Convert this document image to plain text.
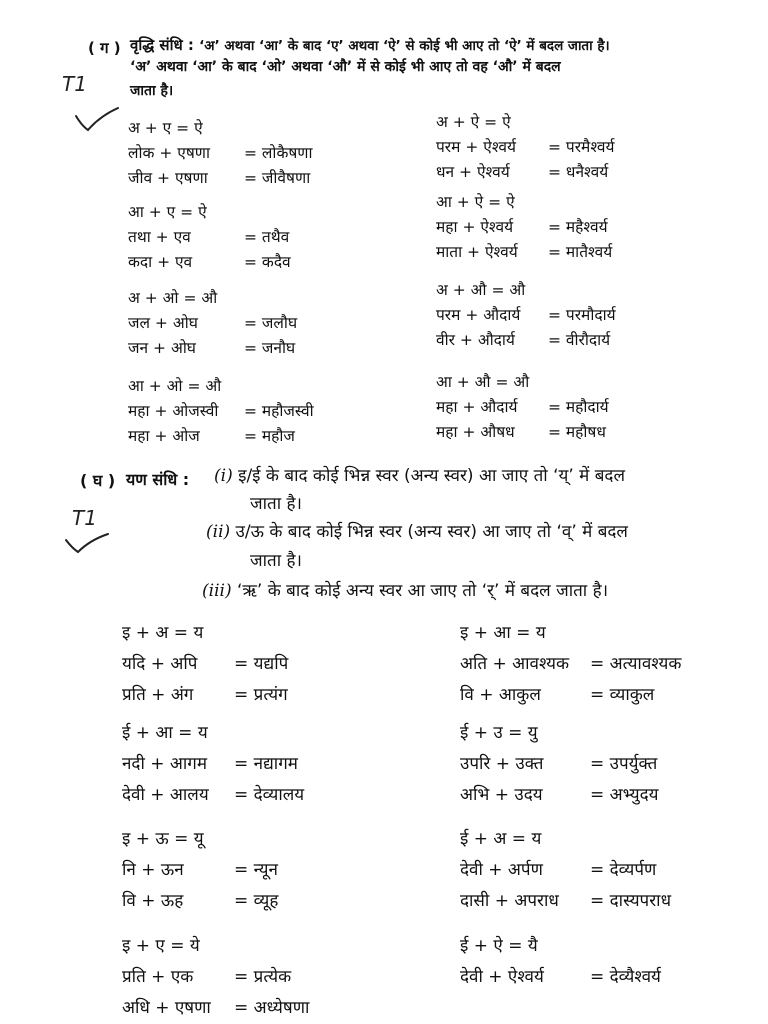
( ग ) वृद्धि संधि : ‘अ’ अथवा ‘आ’ के बाद ‘ए’ अथवा ‘ऐ’ से कोई भी आए तो ‘ऐ’ में बदल जाता है।
‘अ’ अथवा ‘आ’ के बाद ‘ओ’ अथवा ‘औ’ में से कोई भी आए तो वह ‘औ’ में बदल
जाता है।
T1
अ + ए = ऐ
लोक + एषणा = लोकैषणा
जीव + एषणा = जीवैषणा
आ + ए = ऐ
तथा + एव	= तथैव
कदा + एव	= कदैव
अ + ओ = औ
जल + ओघ	= जलौघ
जन + ओघ	= जनौघ
आ + ओ = औ
महा + ओजस्वी = महौजस्वी
महा + ओज	= महौज
अ + ऐ = ऐ
परम + ऐश्वर्य = परमैश्वर्य
धन + ऐश्वर्य = धनैश्वर्य
आ + ऐ = ऐ
महा + ऐश्वर्य = महैश्वर्य
माता + ऐश्वर्य = मातैश्वर्य
अ + औ = औ
परम + औदार्य = परमौदार्य
वीर + औदार्य = वीरौदार्य
आ + औ = औ
महा + औदार्य = महौदार्य
महा + औषध = महौषध
( घ ) यण संधि : (i) इ/ई के बाद कोई भिन्न स्वर (अन्य स्वर) आ जाए तो ‘य्’ में बदल
जाता है।
(ii) उ/ऊ के बाद कोई भिन्न स्वर (अन्य स्वर) आ जाए तो ‘व्’ में बदल
जाता है।
(iii) ‘ऋ’ के बाद कोई अन्य स्वर आ जाए तो ‘र्’ में बदल जाता है।
T1
इ + अ = य
यदि + अपि = यद्यपि
प्रति + अंग = प्रत्यंग
ई + आ = य
नदी + आगम = नद्यागम
देवी + आलय = देव्यालय
इ + ऊ = यू
नि + ऊन	= न्यून
वि + ऊह	= व्यूह
इ + ए = ये
प्रति + एक = प्रत्येक
अधि + एषणा = अध्येषणा
इ + आ = य
अति + आवश्यक = अत्यावश्यक
वि + आकुल	= व्याकुल
ई + उ = यु
उपरि + उक्त	= उपर्युक्त
अभि + उदय	= अभ्युदय
ई + अ = य
देवी + अर्पण	= देव्यर्पण
दासी + अपराध = दास्यपराध
ई + ऐ = यै
देवी + ऐश्वर्य	= देव्यैश्वर्य
